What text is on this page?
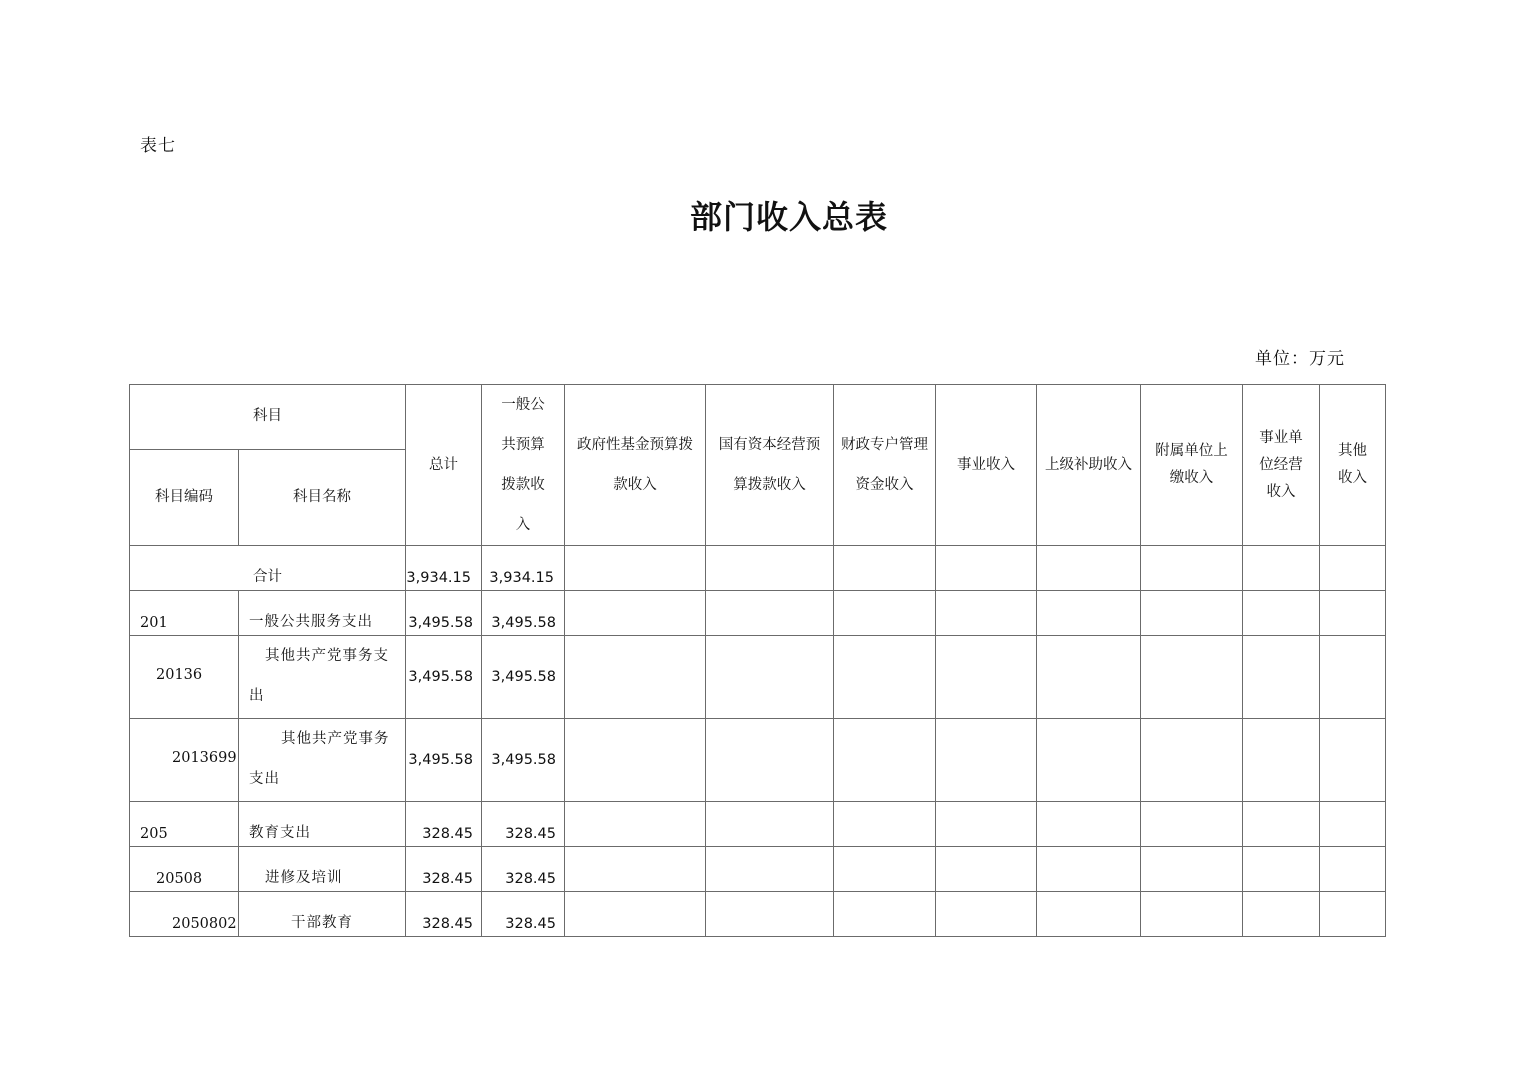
表七
部门收入总表
单位：万元
科目		总计	一般公共预算拨款收入	政府性基金预算拨款收入	国有资本经营预算拨款收入	财政专户管理资金收入	事业收入	上级补助收入	附属单位上缴收入	事业单位经营收入	其他收入
科目编码	科目名称										
合计		3,934.15	3,934.15								
201	一般公共服务支出	3,495.58	3,495.58								
20136	其他共产党事务支出	3,495.58	3,495.58								
2013699	其他共产党事务支出	3,495.58	3,495.58								
205	教育支出	328.45	328.45								
20508	进修及培训	328.45	328.45								
2050802	干部教育	328.45	328.45								
